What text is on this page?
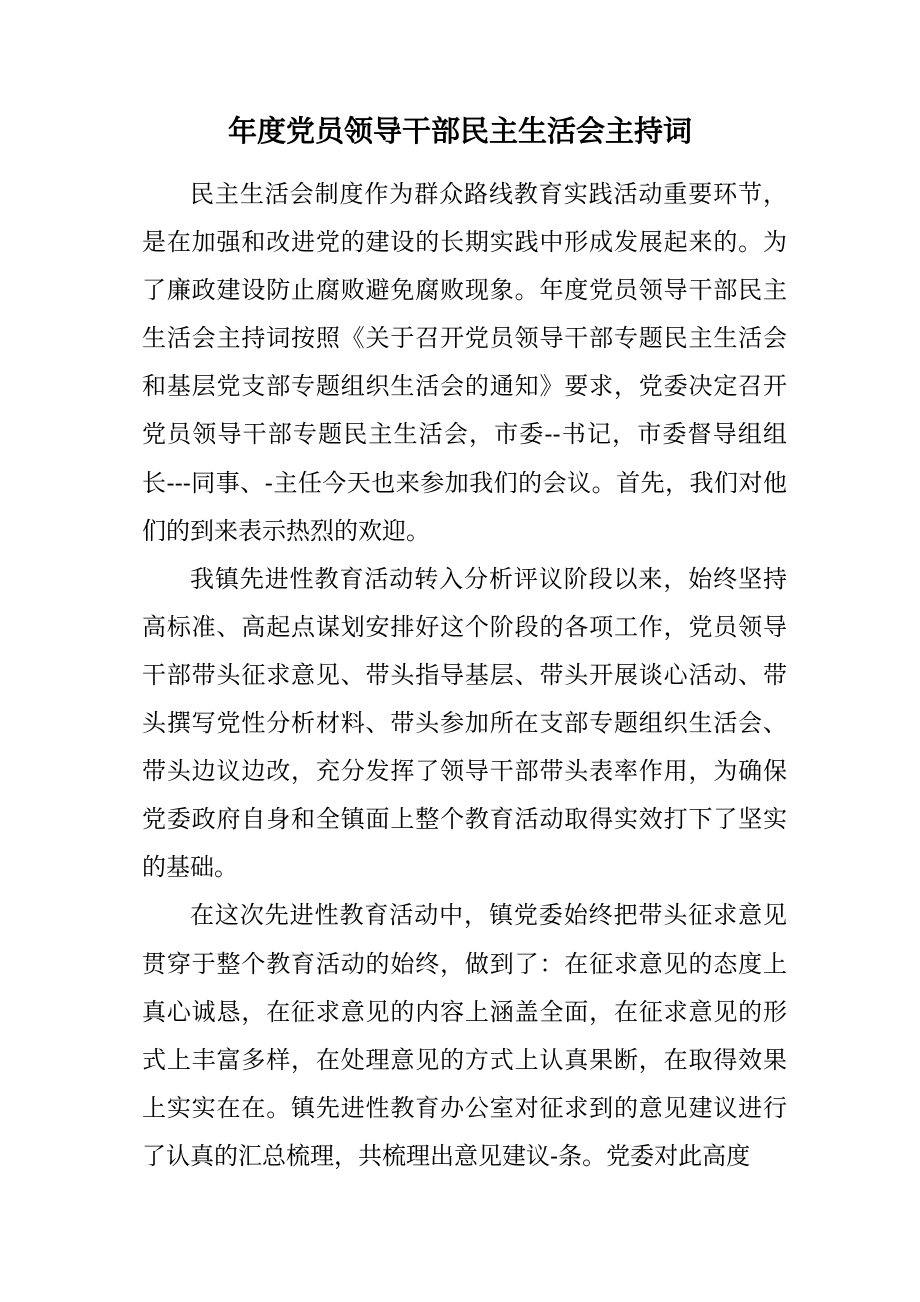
年度党员领导干部民主生活会主持词

民主生活会制度作为群众路线教育实践活动重要环节，是在加强和改进党的建设的长期实践中形成发展起来的。为了廉政建设防止腐败避免腐败现象。年度党员领导干部民主生活会主持词按照《关于召开党员领导干部专题民主生活会和基层党支部专题组织生活会的通知》要求，党委决定召开党员领导干部专题民主生活会，市委--书记，市委督导组组长---同事、-主任今天也来参加我们的会议。首先，我们对他们的到来表示热烈的欢迎。

我镇先进性教育活动转入分析评议阶段以来，始终坚持高标准、高起点谋划安排好这个阶段的各项工作，党员领导干部带头征求意见、带头指导基层、带头开展谈心活动、带头撰写党性分析材料、带头参加所在支部专题组织生活会、带头边议边改，充分发挥了领导干部带头表率作用，为确保党委政府自身和全镇面上整个教育活动取得实效打下了坚实的基础。

在这次先进性教育活动中，镇党委始终把带头征求意见贯穿于整个教育活动的始终，做到了：在征求意见的态度上真心诚恳，在征求意见的内容上涵盖全面，在征求意见的形式上丰富多样，在处理意见的方式上认真果断，在取得效果上实实在在。镇先进性教育办公室对征求到的意见建议进行了认真的汇总梳理，共梳理出意见建议-条。党委对此高度
